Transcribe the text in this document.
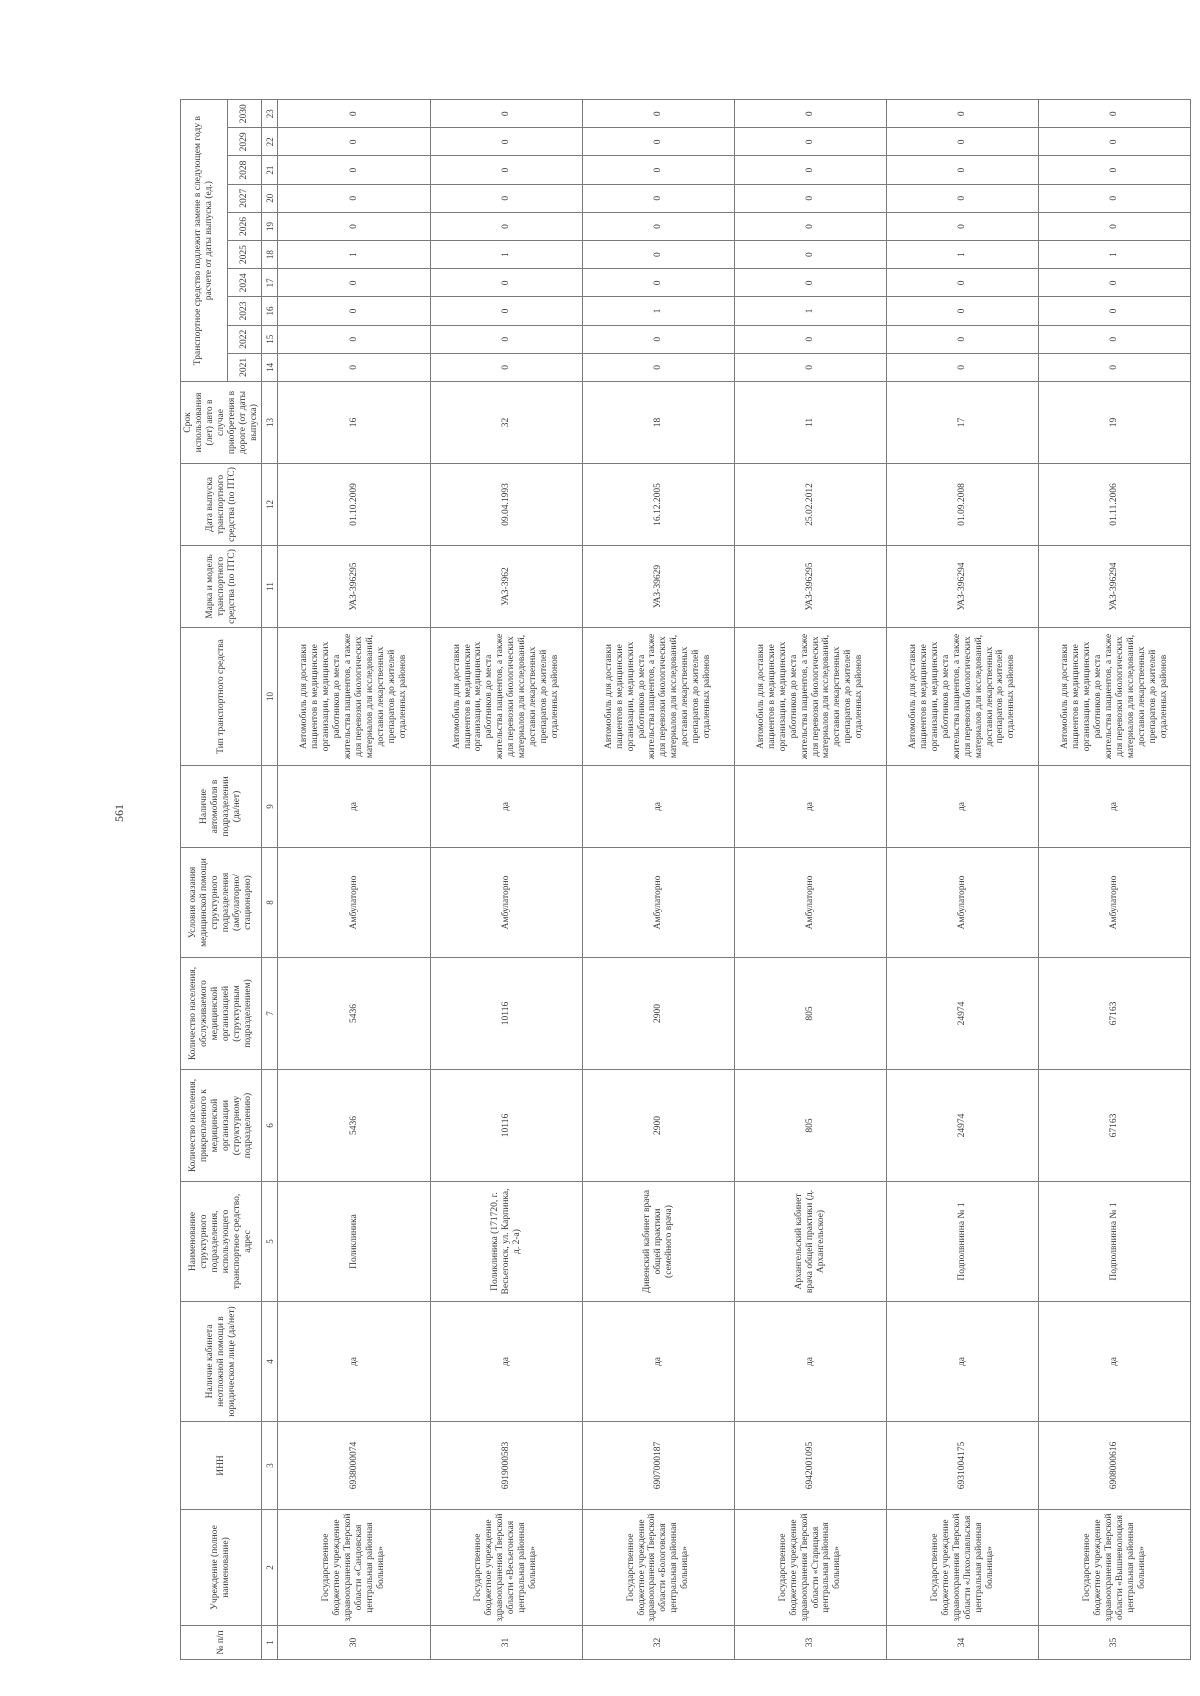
561
№ п/п	Учреждение (полное наименование)	ИНН	Наличие кабинета неотложной помощи в юридическом лице (да/нет)	Наименование структурного подразделения, использующего транспортное средство, адрес	Количество населения, прикрепленного к медицинской организации (структурному подразделению)	Количество населения, обслуживаемого медицинской организацией (структурным подразделением)	Условия оказания медицинской помощи структурного подразделения (амбулаторно/ стационарно)	Наличие автомобиля в подразделении (да/нет)	Тип транспортного средства	Марка и модель транспортного средства (по ПТС)	Дата выпуска транспортного средства (по ПТС)	Срок использования (лет) авто в случае приобретения в дороге (от даты выпуска)	Транспортное средство подлежит замене в следующем году в расчете от даты выпуска (ед.)									
													2021	2022	2023	2024	2025	2026	2027	2028	2029	2030
1	2	3	4	5	6	7	8	9	10	11	12	13	14	15	16	17	18	19	20	21	22	23
30	Государственное бюджетное учреждение здравоохранения Тверской области «Сандовская центральная районная больница»	6938000074	да	Поликлиника	5436	5436	Амбулаторно	да	Автомобиль для доставки пациентов в медицинские организации, медицинских работников до места жительства пациентов, а также для перевозки биологических материалов для исследований, доставки лекарственных препаратов до жителей отдаленных районов	УАЗ-396295	01.10.2009	16	0	0	0	0	1	0	0	0	0	0
31	Государственное бюджетное учреждение здравоохранения Тверской области «Весьегонская центральная районная больница»	6919000583	да	Поликлиника (171720, г. Весьегонск, ул. Карпинка, д. 2-а)	10116	10116	Амбулаторно	да	Автомобиль для доставки пациентов в медицинские организации, медицинских работников до места жительства пациентов, а также для перевозки биологических материалов для исследований, доставки лекарственных препаратов до жителей отдаленных районов	УАЗ-3962	09.04.1993	32	0	0	0	0	1	0	0	0	0	0
32	Государственное бюджетное учреждение здравоохранения Тверской области «Бологовская центральная районная больница»	6907000187	да	Дивенский кабинет врача общей практики (семейного врача)	2900	2900	Амбулаторно	да	Автомобиль для доставки пациентов в медицинские организации, медицинских работников до места жительства пациентов, а также для перевозки биологических материалов для исследований, доставки лекарственных препаратов до жителей отдаленных районов	УАЗ-39629	16.12.2005	18	0	0	1	0	0	0	0	0	0	0
33	Государственное бюджетное учреждение здравоохранения Тверской области «Старицкая центральная районная больница»	6942001095	да	Архангельский кабинет врача общей практики (д. Архангельское)	805	805	Амбулаторно	да	Автомобиль для доставки пациентов в медицинские организации, медицинских работников до места жительства пациентов, а также для перевозки биологических материалов для исследований, доставки лекарственных препаратов до жителей отдаленных районов	УАЗ-396295	25.02.2012	11	0	0	1	0	0	0	0	0	0	0
34	Государственное бюджетное учреждение здравоохранения Тверской области «Лихославльская центральная районная больница»	6931004175	да	Подполвнинна № 1	24974	24974	Амбулаторно	да	Автомобиль для доставки пациентов в медицинские организации, медицинских работников до места жительства пациентов, а также для перевозки биологических материалов для исследований, доставки лекарственных препаратов до жителей отдаленных районов	УАЗ-396294	01.09.2008	17	0	0	0	0	1	0	0	0	0	0
35	Государственное бюджетное учреждение здравоохранения Тверской области «Вышневолоцкая центральная районная больница»	6908000616	да	Подполвнинна № 1	67163	67163	Амбулаторно	да	Автомобиль для доставки пациентов в медицинские организации, медицинских работников до места жительства пациентов, а также для перевозки биологических материалов для исследований, доставки лекарственных препаратов до жителей отдаленных районов	УАЗ-396294	01.11.2006	19	0	0	0	0	1	0	0	0	0	0
